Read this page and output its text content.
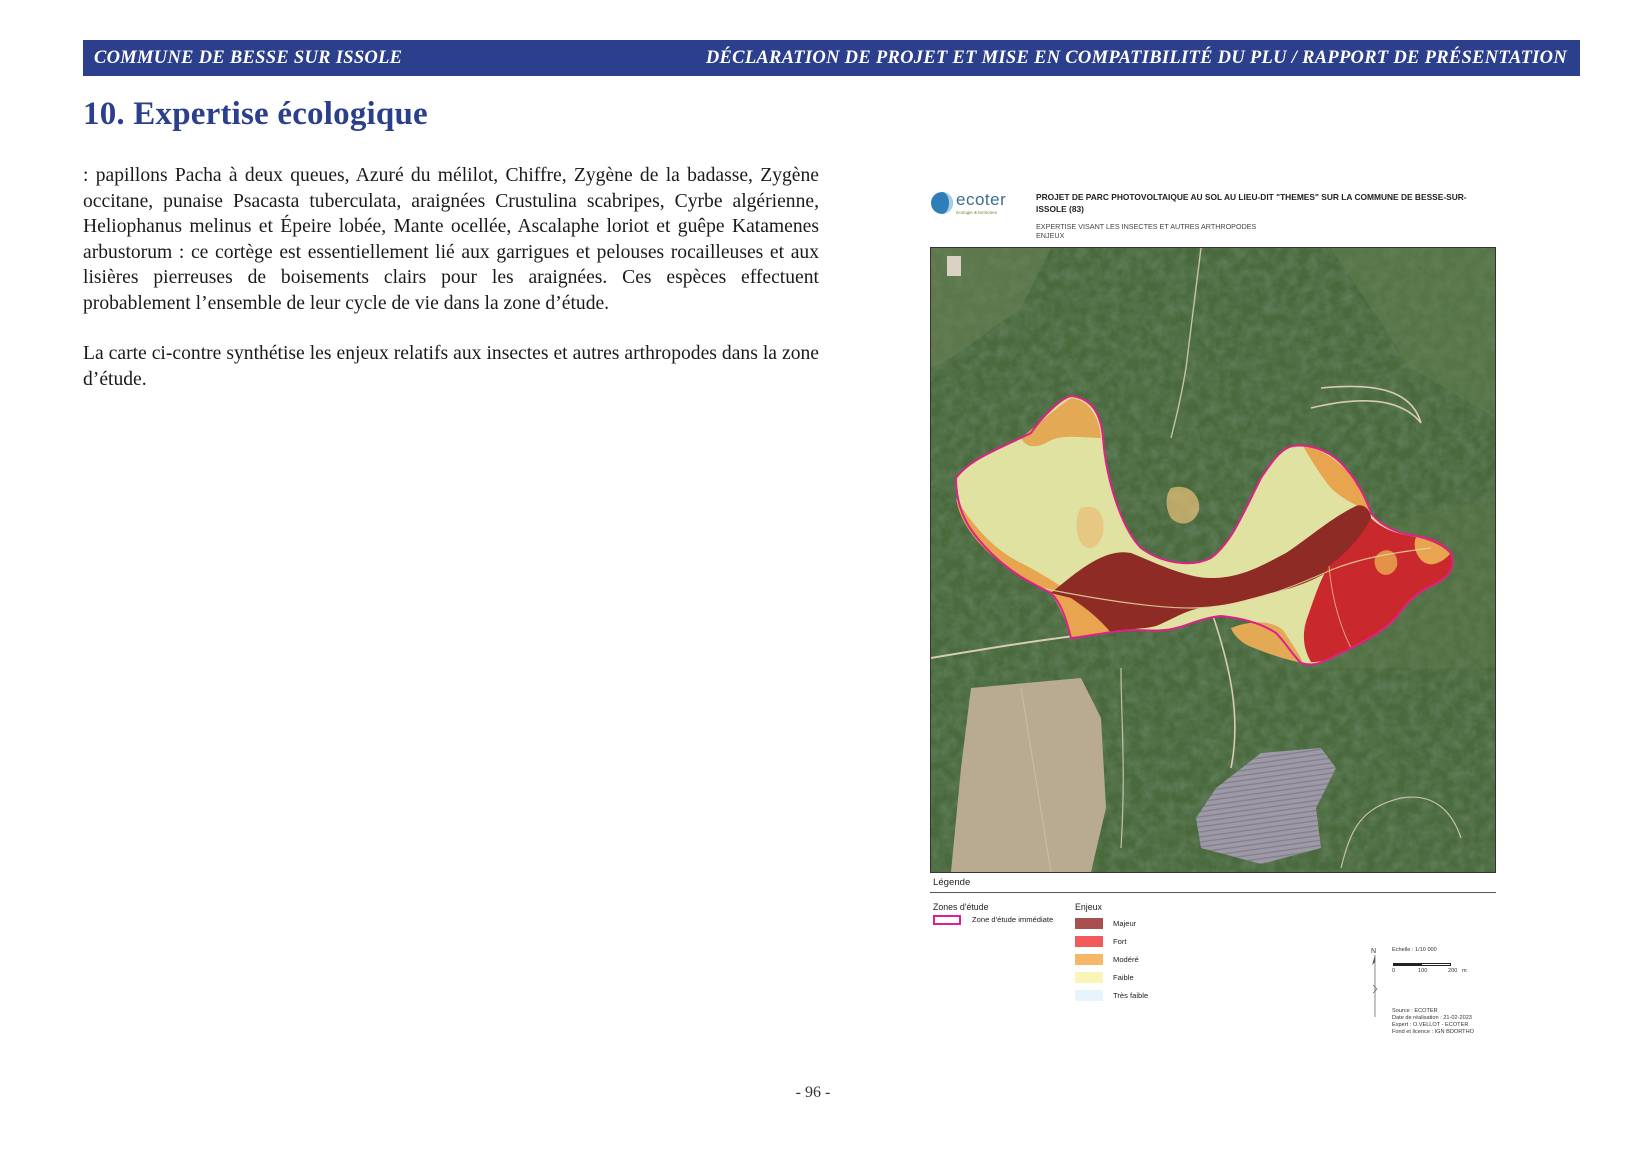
COMMUNE DE BESSE SUR ISSOLE	DÉCLARATION DE PROJET ET MISE EN COMPATIBILITÉ DU PLU / RAPPORT DE PRÉSENTATION
10. Expertise écologique

: papillons Pacha à deux queues, Azuré du mélilot, Chiffre, Zygène de la badasse, Zygène occitane, punaise Psacasta tuberculata, araignées Crustulina scabripes, Cyrbe algérienne, Heliophanus melinus et Épeire lobée, Mante ocellée, Ascalaphe loriot et guêpe Katamenes arbustorum : ce cortège est essentiellement lié aux garrigues et pelouses rocailleuses et aux lisières pierreuses de boisements clairs pour les araignées. Ces espèces effectuent probablement l’ensemble de leur cycle de vie dans la zone d’étude.

La carte ci-contre synthétise les enjeux relatifs aux insectes et autres arthropodes dans la zone d’étude.

ecoter
écologie & territoires
PROJET DE PARC PHOTOVOLTAIQUE AU SOL AU LIEU-DIT "THEMES" SUR LA COMMUNE DE BESSE-SUR-ISSOLE (83)
EXPERTISE VISANT LES INSECTES ET AUTRES ARTHROPODES
ENJEUX
Légende
Zones d'étude
Zone d'étude immédiate
Enjeux
Majeur
Fort
Modéré
Faible
Très faible
N	Echelle : 1/10 000
0	100	200 m
Source : ECOTER
Date de réalisation : 21-02-2023
Expert : O.VELLOT - ECOTER
Fond et licence : IGN BDORTHO
- 96 -
